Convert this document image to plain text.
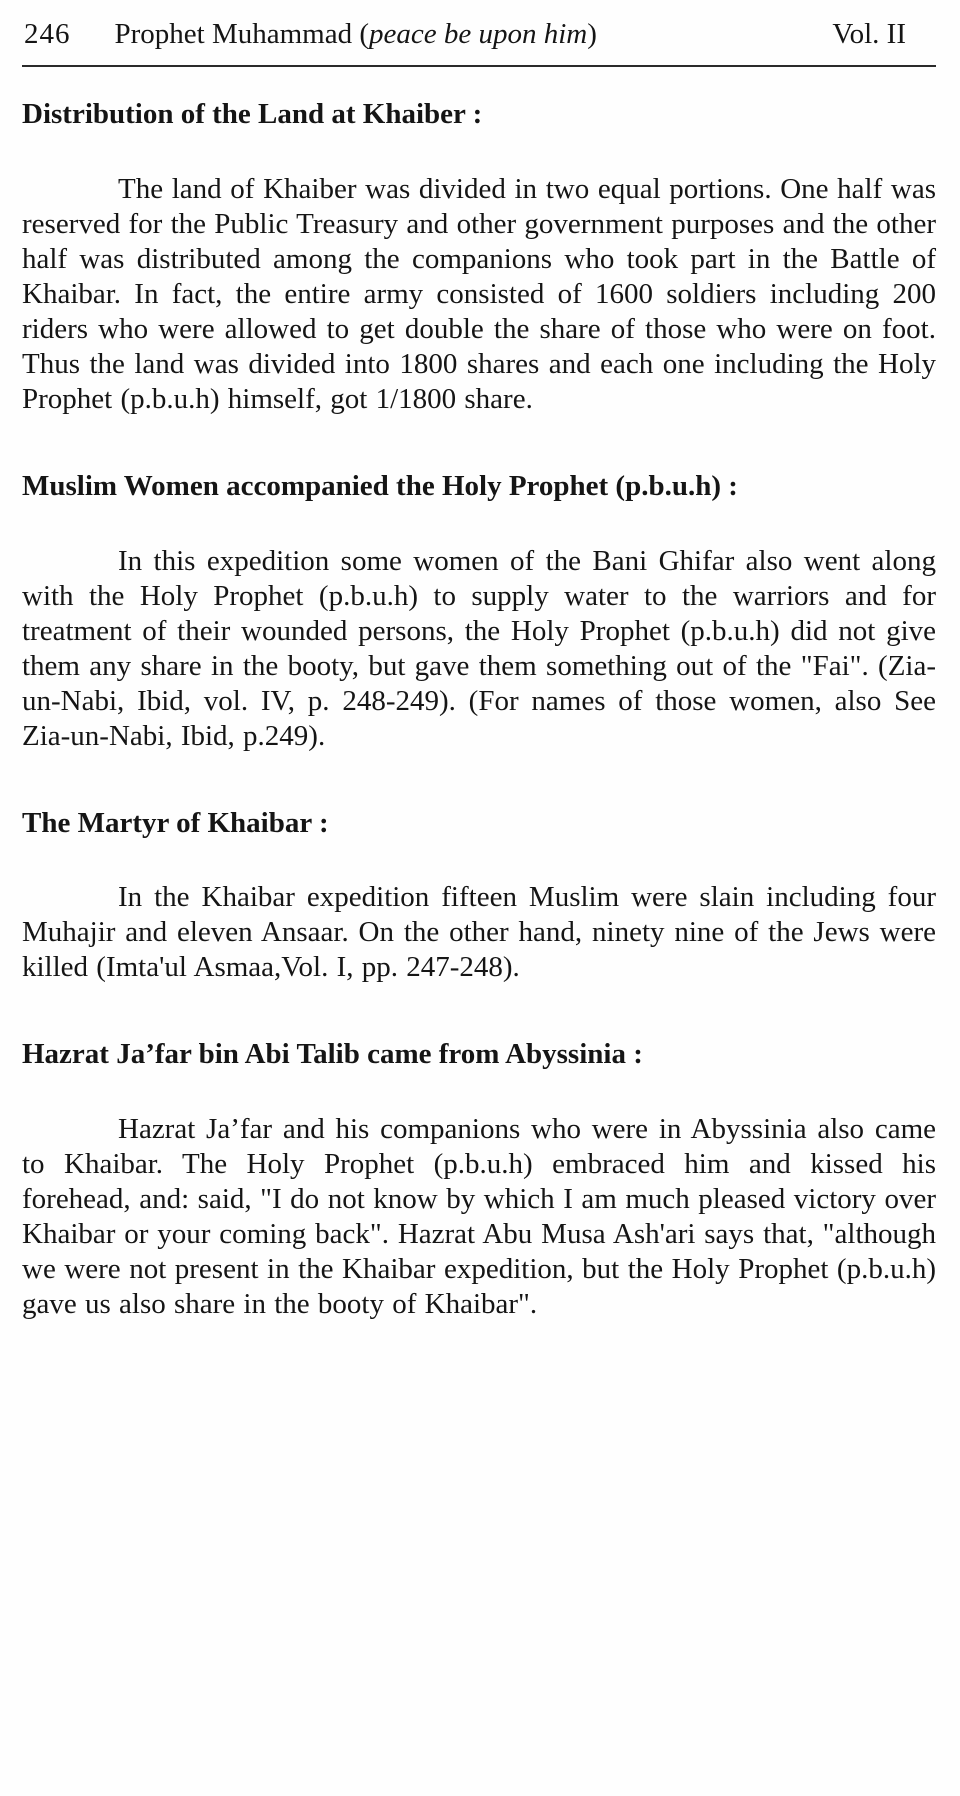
246 Prophet Muhammad (peace be upon him)	Vol. II
Distribution of the Land at Khaiber :

The land of Khaiber was divided in two equal portions. One half was reserved for the Public Treasury and other government purposes and the other half was distributed among the companions who took part in the Battle of Khaibar. In fact, the entire army consisted of 1600 soldiers including 200 riders who were allowed to get double the share of those who were on foot. Thus the land was divided into 1800 shares and each one including the Holy Prophet (p.b.u.h) himself, got 1/1800 share.

Muslim Women accompanied the Holy Prophet (p.b.u.h) :

In this expedition some women of the Bani Ghifar also went along with the Holy Prophet (p.b.u.h) to supply water to the warriors and for treatment of their wounded persons, the Holy Prophet (p.b.u.h) did not give them any share in the booty, but gave them something out of the "Fai". (Zia-un-Nabi, Ibid, vol. IV, p. 248-249). (For names of those women, also See Zia-un-Nabi, Ibid, p.249).

The Martyr of Khaibar :

In the Khaibar expedition fifteen Muslim were slain including four Muhajir and eleven Ansaar. On the other hand, ninety nine of the Jews were killed (Imta'ul Asmaa,Vol. I, pp. 247-248).

Hazrat Ja’far bin Abi Talib came from Abyssinia :

Hazrat Ja’far and his companions who were in Abyssinia also came to Khaibar. The Holy Prophet (p.b.u.h) embraced him and kissed his forehead, and: said, "I do not know by which I am much pleased victory over Khaibar or your coming back". Hazrat Abu Musa Ash'ari says that, "although we were not present in the Khaibar expedition, but the Holy Prophet (p.b.u.h) gave us also share in the booty of Khaibar".
